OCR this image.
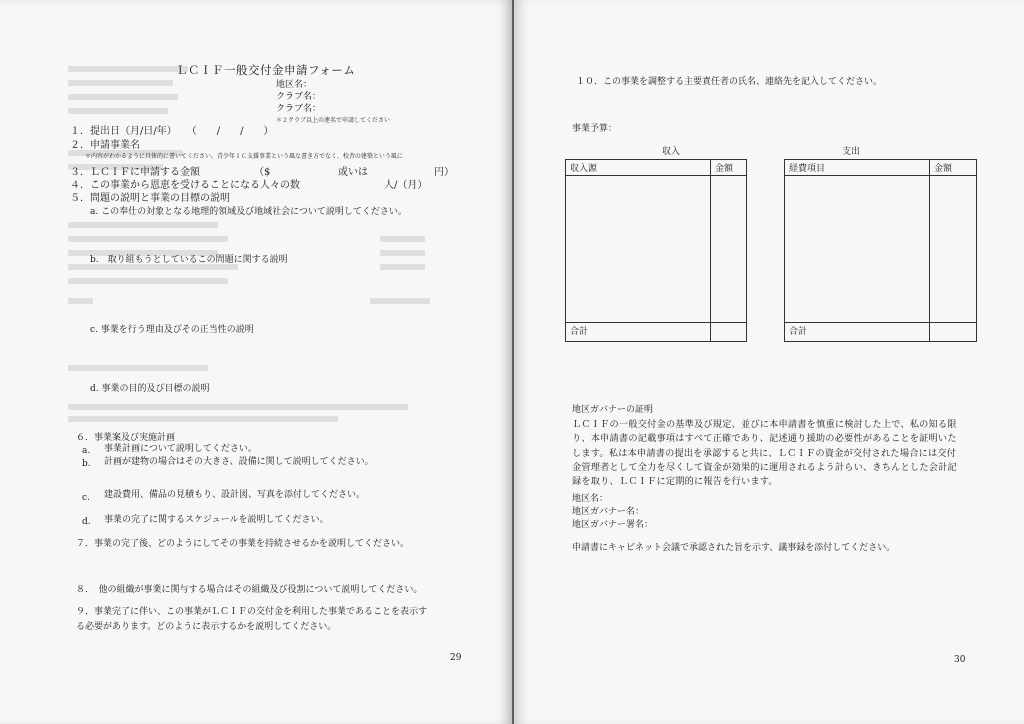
ＬＣＩＦ一般交付金申請フォーム
地区名：
クラブ名：
クラブ名：
＊２クラブ以上の連名で申請してください
１．提出日（月/日/年）　　（　　/　　/　　）
２．申請事業名
＊内容がわかるように具体的に書いてください。青少年ＩＣ支援事業という風な書き方でなく、校舎の建築という風に
３．ＬＣＩＦに申請する金額	（$	或いは	円）
４．この事業から恩恵を受けることになる人々の数	人/（月）
５．問題の説明と事業の目標の説明
a. この奉仕の対象となる地理的領域及び地域社会について説明してください。
b.　取り組もうとしているこの問題に関する説明
c. 事業を行う理由及びその正当性の説明
d. 事業の目的及び目標の説明
６．事業案及び実施計画
a. 事業計画について説明してください。
b. 計画が建物の場合はその大きさ、設備に関して説明してください。
c. 建設費用、備品の見積もり、設計図、写真を添付してください。
d. 事業の完了に関するスケジュールを説明してください。
７．事業の完了後、どのようにしてその事業を持続させるかを説明してください。
８．　他の組織が事業に関与する場合はその組織及び役割について説明してください。
９．事業完了に伴い、この事業がＬＣＩＦの交付金を利用した事業であることを表示す
る必要があります。どのように表示するかを説明してください。
29
１０．この事業を調整する主要責任者の氏名、連絡先を記入してください。
事業予算：
収入	支出
収入源	金額

合計	
経費項目	金額

合計	
地区ガバナーの証明
ＬＣＩＦの一般交付金の基準及び規定、並びに本申請書を慎重に検討した上で、私の知る限り、本申請書の記載事項はすべて正確であり、記述通り援助の必要性があることを証明いたします。私は本申請書の提出を承認すると共に、ＬＣＩＦの資金が交付された場合には交付金管理者として全力を尽くして資金が効果的に運用されるよう計らい、きちんとした会計記録を取り、ＬＣＩＦに定期的に報告を行います。
地区名：
地区ガバナー名：
地区ガバナー署名：
申請書にキャビネット会議で承認された旨を示す、議事録を添付してください。
30
